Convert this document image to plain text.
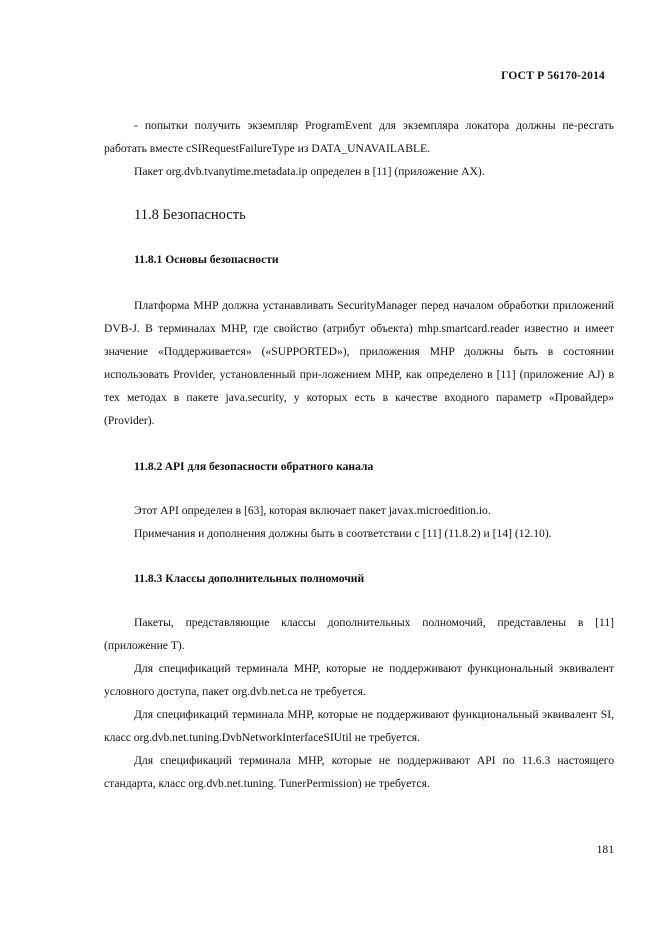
ГОСТ Р 56170-2014

- попытки получить экземпляр ProgramEvent для экземпляра локатора должны пе-ресгать работать вместе cSIRequestFailureType из DATA_UNAVAILABLE.

Пакет org.dvb.tvanytime.metadata.ip определен в [11] (приложение AX).

11.8 Безопасность
11.8.1 Основы безопасности

Платформа MHP должна устанавливать SecurityManager перед началом обработки приложений DVB-J. В терминалах MHP, где свойство (атрибут объекта) mhp.smartcard.reader известно и имеет значение «Поддерживается» («SUPPORTED»), приложения MHP должны быть в состоянии использовать Provider, установленный при-ложением MHP, как определено в [11] (приложение AJ) в тех методах в пакете java.security, у которых есть в качестве входного параметр «Провайдер» (Provider).

11.8.2 API для безопасности обратного канала

Этот API определен в [63], которая включает пакет javax.microedition.io.

Примечания и дополнения должны быть в соответствии с [11] (11.8.2) и [14] (12.10).

11.8.3 Классы дополнительных полномочий

Пакеты, представляющие классы дополнительных полномочий, представлены в [11] (приложение T).

Для спецификаций терминала MHP, которые не поддерживают функциональный эквивалент условного доступа, пакет org.dvb.net.ca не требуется.

Для спецификаций терминала MHP, которые не поддерживают функциональный эквивалент SI, класс org.dvb.net.tuning.DvbNetworkInterfaceSIUtil не требуется.

Для спецификаций терминала MHP, которые не поддерживают API по 11.6.3 настоящего стандарта, класс org.dvb.net.tuning. TunerPermission) не требуется.

181
